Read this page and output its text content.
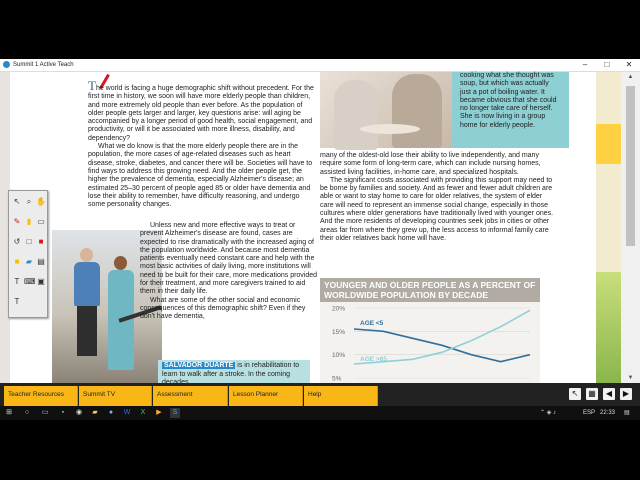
Summit 1 Active Teach	–	□	✕

The world is facing a huge demographic shift without precedent. For the first time in history, we soon will have more elderly people than children, and more extremely old people than ever before. As the population of older people gets larger and larger, key questions arise: will aging be accompanied by a longer period of good health, social engagement, and productivity, or will it be associated with more illness, disability, and dependency?

What we do know is that the more elderly people there are in the population, the more cases of age-related diseases such as heart disease, stroke, diabetes, and cancer there will be. Societies will have to find ways to address this growing need. And the older people get, the higher the prevalence of dementia, especially Alzheimer's disease; an estimated 25–30 percent of people aged 85 or older have dementia and lose their ability to remember, have difficulty reasoning, and undergo some personality changes.

Unless new and more effective ways to treat or prevent Alzheimer's disease are found, cases are expected to rise dramatically with the increased aging of the population worldwide. And because most dementia patients eventually need constant care and help with the most basic activities of daily living, more institutions will need to be built for their care, more medications provided for their treatment, and more caregivers trained to aid them in their daily life.

What are some of the other social and economic consequences of this demographic shift? Even if they don't have dementia,

SALVADOR DUARTE is in rehabilitation to learn to walk after a stroke. In the coming
cooking what she thought was soup, but which was actually just a pot of boiling water. It became obvious that she could no longer take care of herself. She is now living in a group home for elderly people.

many of the oldest-old lose their ability to live independently, and many require some form of long-term care, which can include nursing homes, assisted living facilities, in-home care, and specialized hospitals.

The significant costs associated with providing this support may need to be borne by families and society. And as fewer and fewer adult children are able or want to stay home to care for older relatives, the system of elder care will need to represent an immense social change, especially in those cultures where older generations have traditionally lived with younger ones. And the more residents of developing countries seek jobs in cities or other areas far from where they grew up, the less access to informal family care their older relatives back home will have.

YOUNGER AND OLDER PEOPLE AS A PERCENT OF WORLDWIDE POPULATION BY DECADE
20%
15%
10%
5%
AGE <5
AGE >65
▲
▼
↖ ⌕ ✋
✎ ▮ ▭
↺ □ ■
■ ▰ ▤
T ⌨ ▣
T
Teacher Resources	Summit TV	Assessment	Lesson Planner	Help	↖	▦	◀	▶
⊞	○	▭	▪	◉	▰	●	W	X	▶	S	⌃ ◈ ♪	ESP 22:33 ▤
